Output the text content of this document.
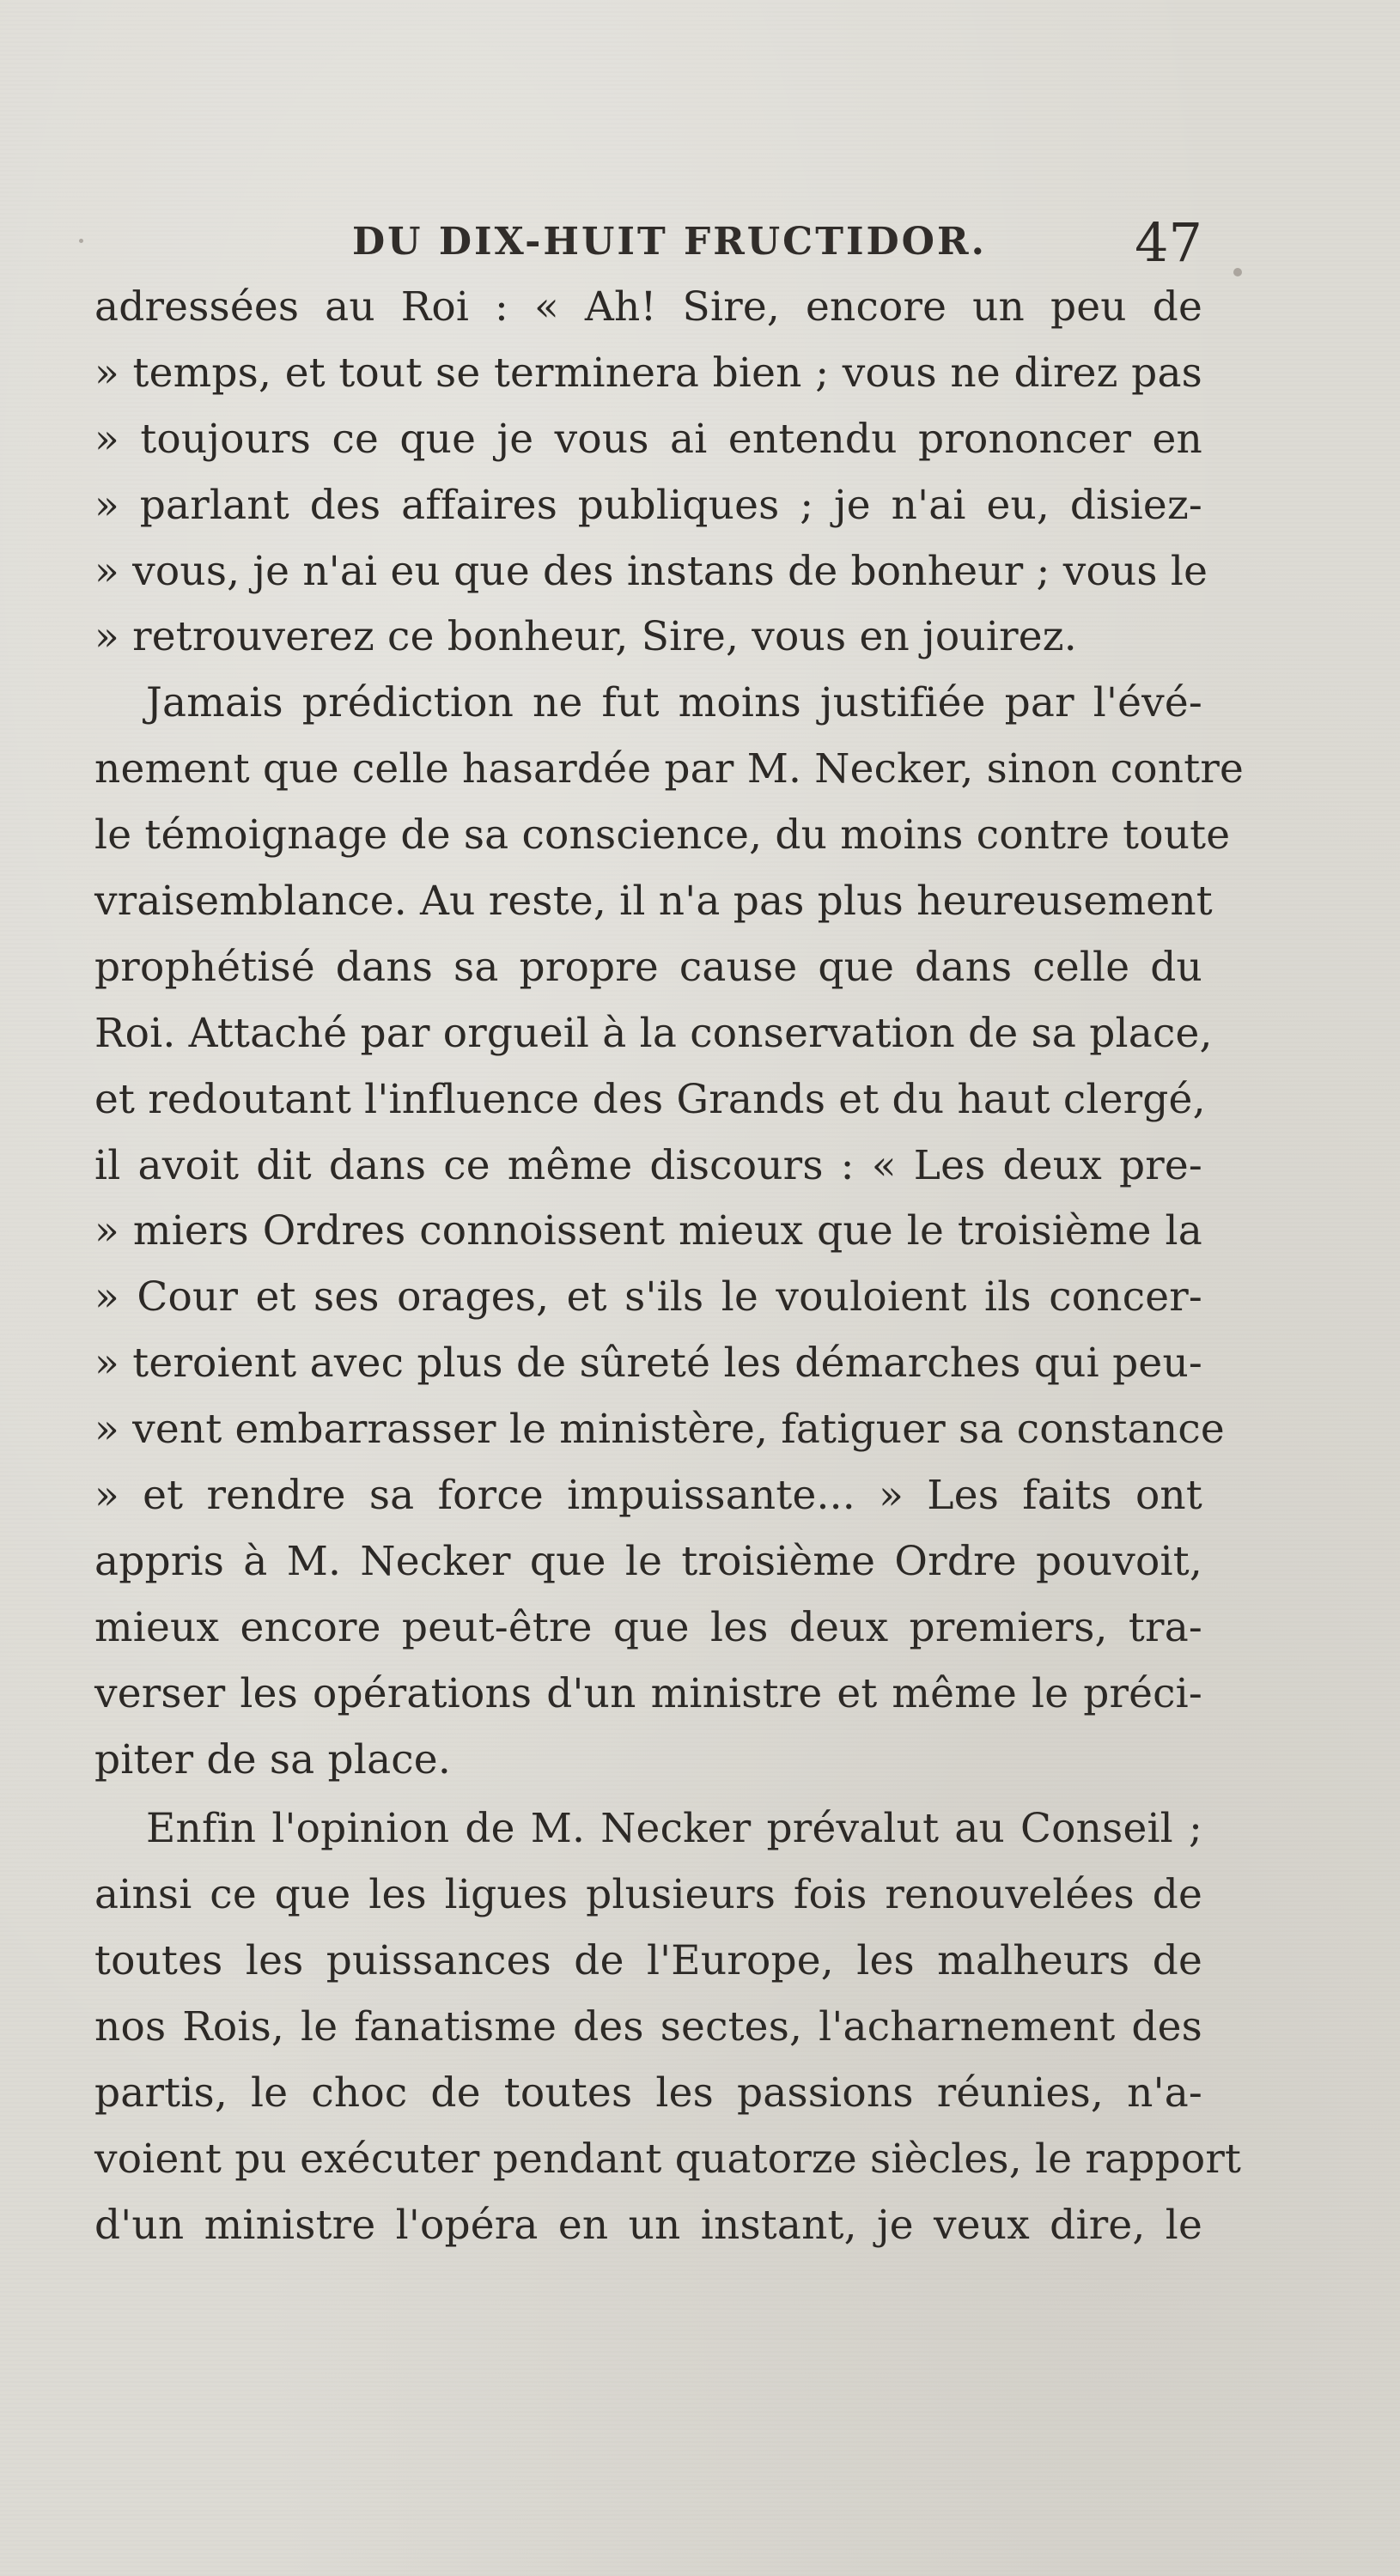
DU DIX-HUIT FRUCTIDOR.	47
adressées au Roi : « Ah! Sire, encore un peu de
» temps, et tout se terminera bien ; vous ne direz pas
» toujours ce que je vous ai entendu prononcer en
» parlant des affaires publiques ; je n'ai eu, disiez-
» vous, je n'ai eu que des instans de bonheur ; vous le
» retrouverez ce bonheur, Sire, vous en jouirez.
Jamais prédiction ne fut moins justifiée par l'évé-
nement que celle hasardée par M. Necker, sinon contre
le témoignage de sa conscience, du moins contre toute
vraisemblance. Au reste, il n'a pas plus heureusement
prophétisé dans sa propre cause que dans celle du
Roi. Attaché par orgueil à la conservation de sa place,
et redoutant l'influence des Grands et du haut clergé,
il avoit dit dans ce même discours : « Les deux pre-
» miers Ordres connoissent mieux que le troisième la
» Cour et ses orages, et s'ils le vouloient ils concer-
» teroient avec plus de sûreté les démarches qui peu-
» vent embarrasser le ministère, fatiguer sa constance
» et rendre sa force impuissante... » Les faits ont
appris à M. Necker que le troisième Ordre pouvoit,
mieux encore peut-être que les deux premiers, tra-
verser les opérations d'un ministre et même le préci-
piter de sa place.
Enfin l'opinion de M. Necker prévalut au Conseil ;
ainsi ce que les ligues plusieurs fois renouvelées de
toutes les puissances de l'Europe, les malheurs de
nos Rois, le fanatisme des sectes, l'acharnement des
partis, le choc de toutes les passions réunies, n'a-
voient pu exécuter pendant quatorze siècles, le rapport
d'un ministre l'opéra en un instant, je veux dire, le
